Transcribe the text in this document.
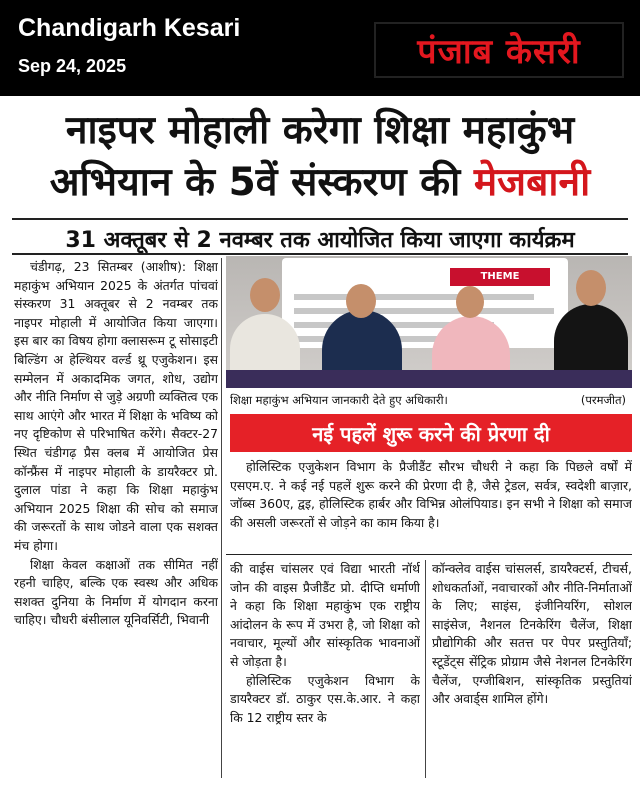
Chandigarh Kesari
Sep 24, 2025	पंजाब केसरी
नाइपर मोहाली करेगा शिक्षा महाकुंभ
अभियान के 5वें संस्करण की मेजबानी
31 अक्तूबर से 2 नवम्बर तक आयोजित किया जाएगा कार्यक्रम

चंडीगढ़, 23 सितम्बर (आशीष): शिक्षा महाकुंभ अभियान 2025 के अंतर्गत पांचवां संस्करण 31 अक्तूबर से 2 नवम्बर तक नाइपर मोहाली में आयोजित किया जाएगा। इस बार का विषय होगा क्लासरूम टू सोसाइटी बिल्डिंग अ हेल्थियर वर्ल्ड थ्रू एजुकेशन। इस सम्मेलन में अकादमिक जगत, शोध, उद्योग और नीति निर्माण से जुड़े अग्रणी व्यक्तित्व एक साथ आएंगे और भारत में शिक्षा के भविष्य को नए दृष्टिकोण से परिभाषित करेंगे। सैक्टर-27 स्थित चंडीगढ़ प्रैस क्लब में आयोजित प्रेस कॉन्फ्रैंस में नाइपर मोहाली के डायरैक्टर प्रो. दुलाल पांडा ने कहा कि शिक्षा महाकुंभ अभियान 2025 शिक्षा की सोच को समाज की जरूरतों के साथ जोडने वाला एक सशक्त मंच होगा।

शिक्षा केवल कक्षाओं तक सीमित नहीं रहनी चाहिए, बल्कि एक स्वस्थ और अधिक सशक्त दुनिया के निर्माण में योगदान करना चाहिए। चौधरी बंसीलाल यूनिवर्सिटी, भिवानी

THEME
शिक्षा महाकुंभ अभियान जानकारी देते हुए अधिकारी।	(परमजीत)
नई पहलें शुरू करने की प्रेरणा दी

होलिस्टिक एजुकेशन विभाग के प्रैजीडैंट सौरभ चौधरी ने कहा कि पिछले वर्षों में एसएम.ए. ने कई नई पहलें शुरू करने की प्रेरणा दी है, जैसे ट्रेडल, सर्वत्र, स्वदेशी बाज़ार, जॉब्स 360ए, द्वइ, होलिस्टिक हार्बर और विभिन्न ओलंपियाड। इन सभी ने शिक्षा को समाज की असली जरूरतों से जोड़ने का काम किया है।

की वाईस चांसलर एवं विद्या भारती नॉर्थ जोन की वाइस प्रैजीडैंट प्रो. दीप्ति धर्माणी ने कहा कि शिक्षा महाकुंभ एक राष्ट्रीय आंदोलन के रूप में उभरा है, जो शिक्षा को नवाचार, मूल्यों और सांस्कृतिक भावनाओं से जोड़ता है।

होलिस्टिक एजुकेशन विभाग के डायरैक्टर डॉ. ठाकुर एस.के.आर. ने कहा कि 12 राष्ट्रीय स्तर के

कॉन्क्लेव वाईस चांसलर्स, डायरैक्टर्स, टीचर्स, शोधकर्ताओं, नवाचारकों और नीति-निर्माताओं के लिए; साइंस, इंजीनियरिंग, सोशल साइंसेज, नैशनल टिनकेरिंग चैलेंज, शिक्षा प्रौद्योगिकी और सतत्त पर पेपर प्रस्तुतियाँ; स्टूडेंट्स सेंट्रिक प्रोग्राम जैसे नेशनल टिनकेरिंग चैलेंज, एग्जीबिशन, सांस्कृतिक प्रस्तुतियां और अवार्ड्स शामिल होंगे।
